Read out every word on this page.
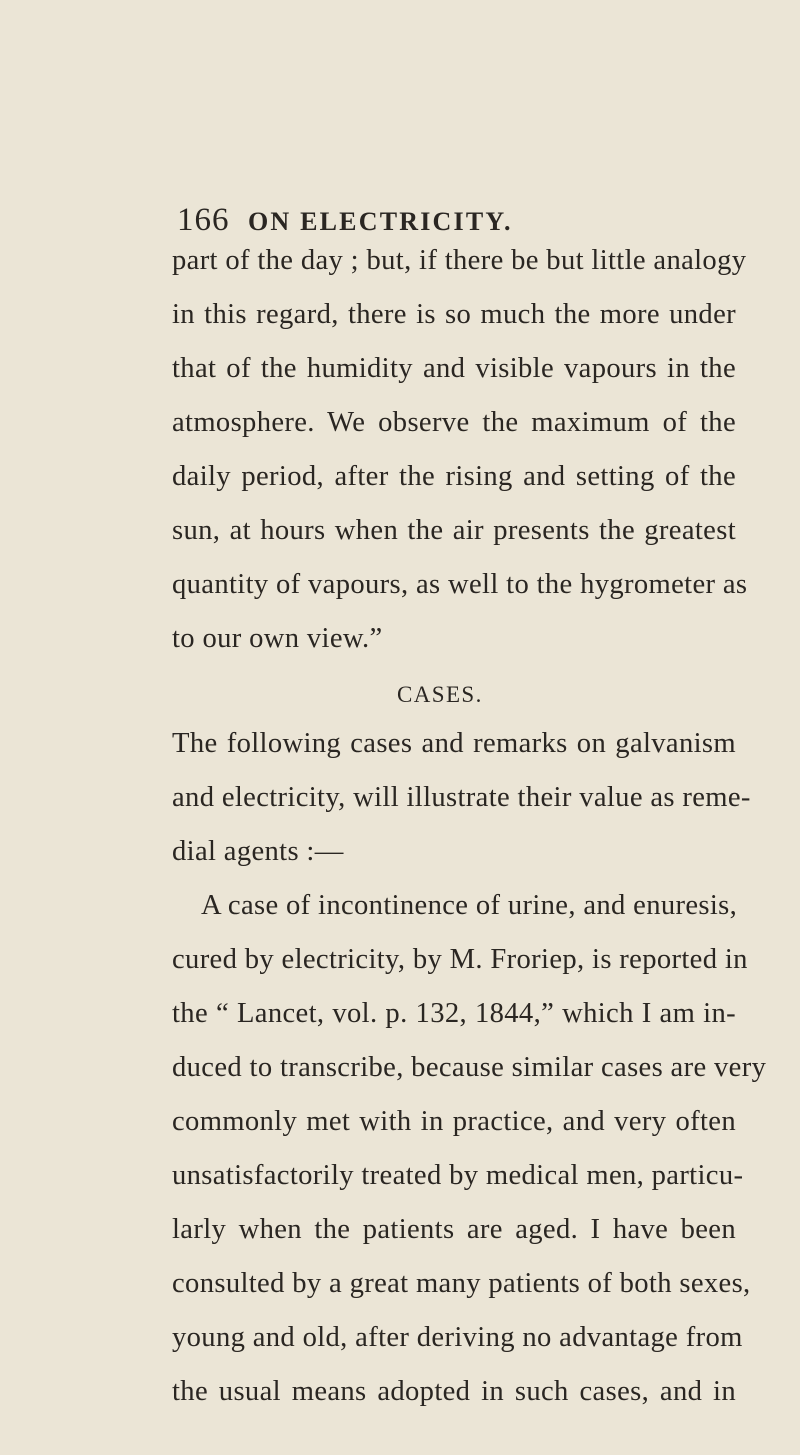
166 ON ELECTRICITY.
part of the day ; but, if there be but little analogy
in this regard, there is so much the more under
that of the humidity and visible vapours in the
atmosphere. We observe the maximum of the
daily period, after the rising and setting of the
sun, at hours when the air presents the greatest
quantity of vapours, as well to the hygrometer as
to our own view.”
CASES.
The following cases and remarks on galvanism
and electricity, will illustrate their value as reme-
dial agents :—
A case of incontinence of urine, and enuresis,
cured by electricity, by M. Froriep, is reported in
the “ Lancet, vol. p. 132, 1844,” which I am in-
duced to transcribe, because similar cases are very
commonly met with in practice, and very often
unsatisfactorily treated by medical men, particu-
larly when the patients are aged. I have been
consulted by a great many patients of both sexes,
young and old, after deriving no advantage from
the usual means adopted in such cases, and in
